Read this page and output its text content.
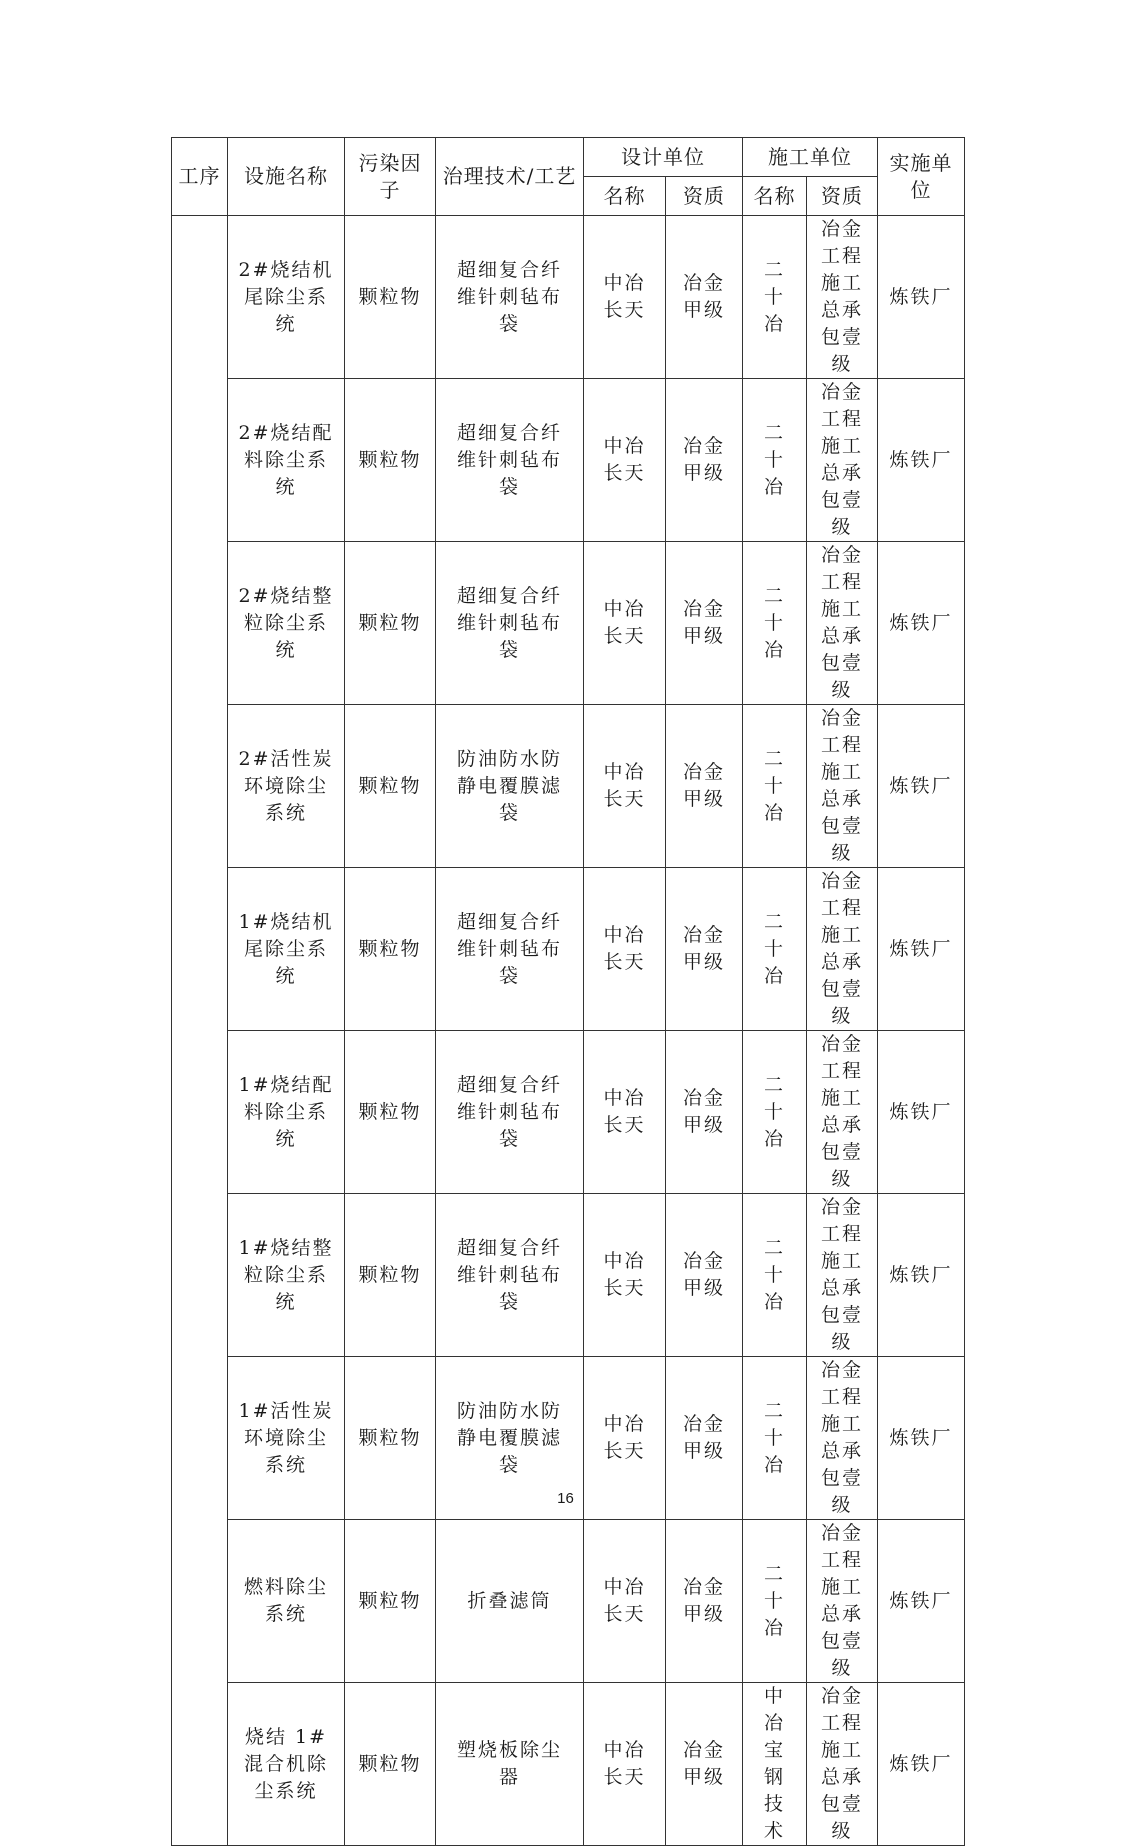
工序	设施名称	污染因子	治理技术/工艺	设计单位		施工单位		实施单位
				名称	资质	名称	资质	
	2#烧结机尾除尘系统	颗粒物	超细复合纤维针刺毡布袋	中冶长天	冶金甲级	二十冶	冶金工程施工总承包壹级	炼铁厂
	2#烧结配料除尘系统	颗粒物	超细复合纤维针刺毡布袋	中冶长天	冶金甲级	二十冶	冶金工程施工总承包壹级	炼铁厂
	2#烧结整粒除尘系统	颗粒物	超细复合纤维针刺毡布袋	中冶长天	冶金甲级	二十冶	冶金工程施工总承包壹级	炼铁厂
	2#活性炭环境除尘系统	颗粒物	防油防水防静电覆膜滤袋	中冶长天	冶金甲级	二十冶	冶金工程施工总承包壹级	炼铁厂
	1#烧结机尾除尘系统	颗粒物	超细复合纤维针刺毡布袋	中冶长天	冶金甲级	二十冶	冶金工程施工总承包壹级	炼铁厂
	1#烧结配料除尘系统	颗粒物	超细复合纤维针刺毡布袋	中冶长天	冶金甲级	二十冶	冶金工程施工总承包壹级	炼铁厂
	1#烧结整粒除尘系统	颗粒物	超细复合纤维针刺毡布袋	中冶长天	冶金甲级	二十冶	冶金工程施工总承包壹级	炼铁厂
	1#活性炭环境除尘系统	颗粒物	防油防水防静电覆膜滤袋	中冶长天	冶金甲级	二十冶	冶金工程施工总承包壹级	炼铁厂
	燃料除尘系统	颗粒物	折叠滤筒	中冶长天	冶金甲级	二十冶	冶金工程施工总承包壹级	炼铁厂
	烧结 1#混合机除尘系统	颗粒物	塑烧板除尘器	中冶长天	冶金甲级	中冶宝钢技术	冶金工程施工总承包壹级	炼铁厂
16
